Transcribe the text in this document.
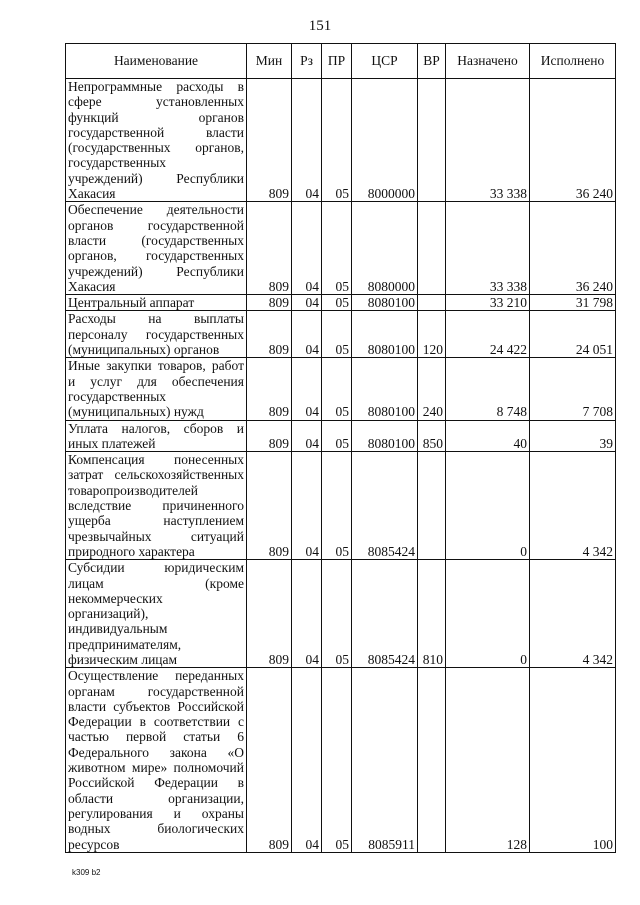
151
Наименование	Мин	Рз	ПР	ЦСР	ВР	Назначено	Исполнено
Непрограммные расходы в сфере установленных функций органов государственной власти (государственных органов, государственных учреждений) Республики Хакасия	809	04	05	8000000		33 338	36 240
Обеспечение деятельности органов государственной власти (государственных органов, государственных учреждений) Республики Хакасия	809	04	05	8080000		33 338	36 240
Центральный аппарат	809	04	05	8080100		33 210	31 798
Расходы на выплаты персоналу государственных (муниципальных) органов	809	04	05	8080100	120	24 422	24 051
Иные закупки товаров, работ и услуг для обеспечения государственных (муниципальных) нужд	809	04	05	8080100	240	8 748	7 708
Уплата налогов, сборов и иных платежей	809	04	05	8080100	850	40	39
Компенсация понесенных затрат сельскохозяйственных товаропроизводителей вследствие причиненного ущерба наступлением чрезвычайных ситуаций природного характера	809	04	05	8085424		0	4 342
Субсидии юридическим лицам (кроме некоммерческих организаций), индивидуальным предпринимателям, физическим лицам	809	04	05	8085424	810	0	4 342
Осуществление переданных органам государственной власти субъектов Российской Федерации в соответствии с частью первой статьи 6 Федерального закона «О животном мире» полномочий Российской Федерации в области организации, регулирования и охраны водных биологических ресурсов	809	04	05	8085911		128	100
k309 b2
